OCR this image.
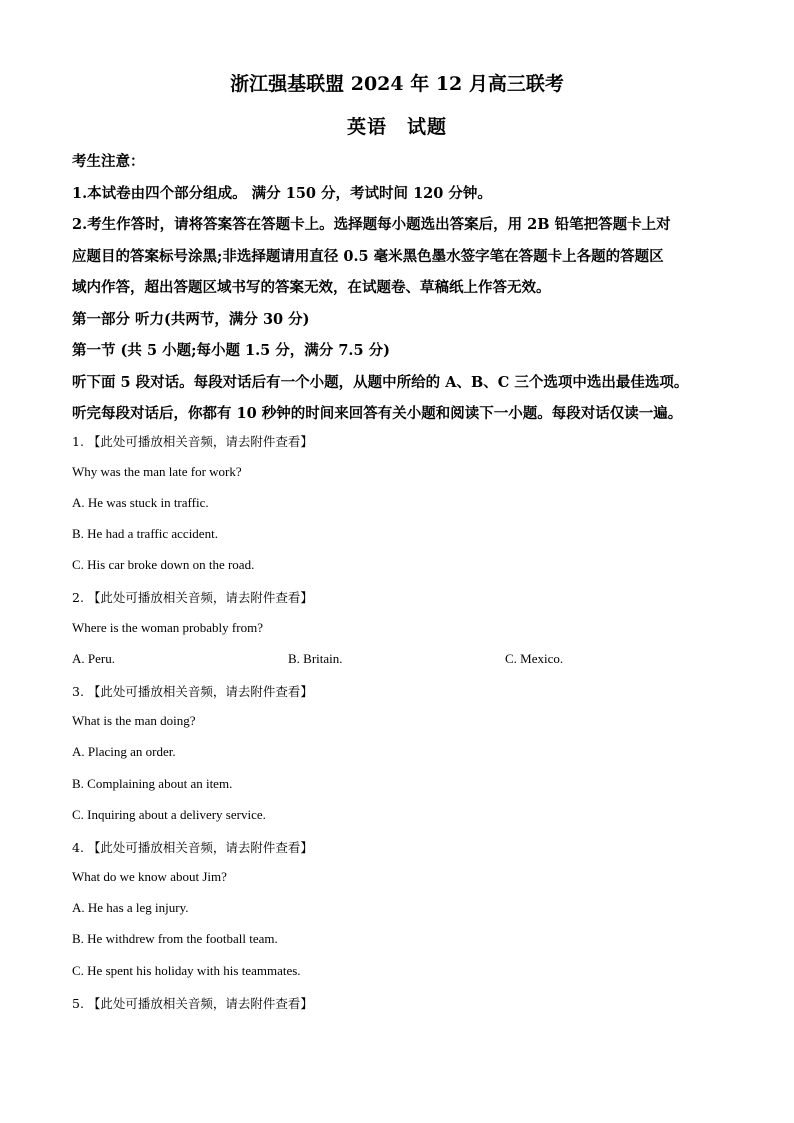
浙江强基联盟 2024 年 12 月高三联考
英语　试题
考生注意：
1.本试卷由四个部分组成。 满分 150 分，考试时间 120 分钟。
2.考生作答时，请将答案答在答题卡上。选择题每小题选出答案后，用 2B 铅笔把答题卡上对
应题目的答案标号涂黑;非选择题请用直径 0.5 毫米黑色墨水签字笔在答题卡上各题的答题区
域内作答，超出答题区域书写的答案无效，在试题卷、草稿纸上作答无效。
第一部分 听力(共两节，满分 30 分)
第一节 (共 5 小题;每小题 1.5 分，满分 7.5 分)
听下面 5 段对话。每段对话后有一个小题，从题中所给的 A、B、C 三个选项中选出最佳选项。
听完每段对话后，你都有 10 秒钟的时间来回答有关小题和阅读下一小题。每段对话仅读一遍。
1. 【此处可播放相关音频，请去附件查看】
Why was the man late for work?
A. He was stuck in traffic.
B. He had a traffic accident.
C. His car broke down on the road.
2. 【此处可播放相关音频，请去附件查看】
Where is the woman probably from?
A. Peru.	B. Britain.	C. Mexico.
3. 【此处可播放相关音频，请去附件查看】
What is the man doing?
A. Placing an order.
B. Complaining about an item.
C. Inquiring about a delivery service.
4. 【此处可播放相关音频，请去附件查看】
What do we know about Jim?
A. He has a leg injury.
B. He withdrew from the football team.
C. He spent his holiday with his teammates.
5. 【此处可播放相关音频，请去附件查看】
